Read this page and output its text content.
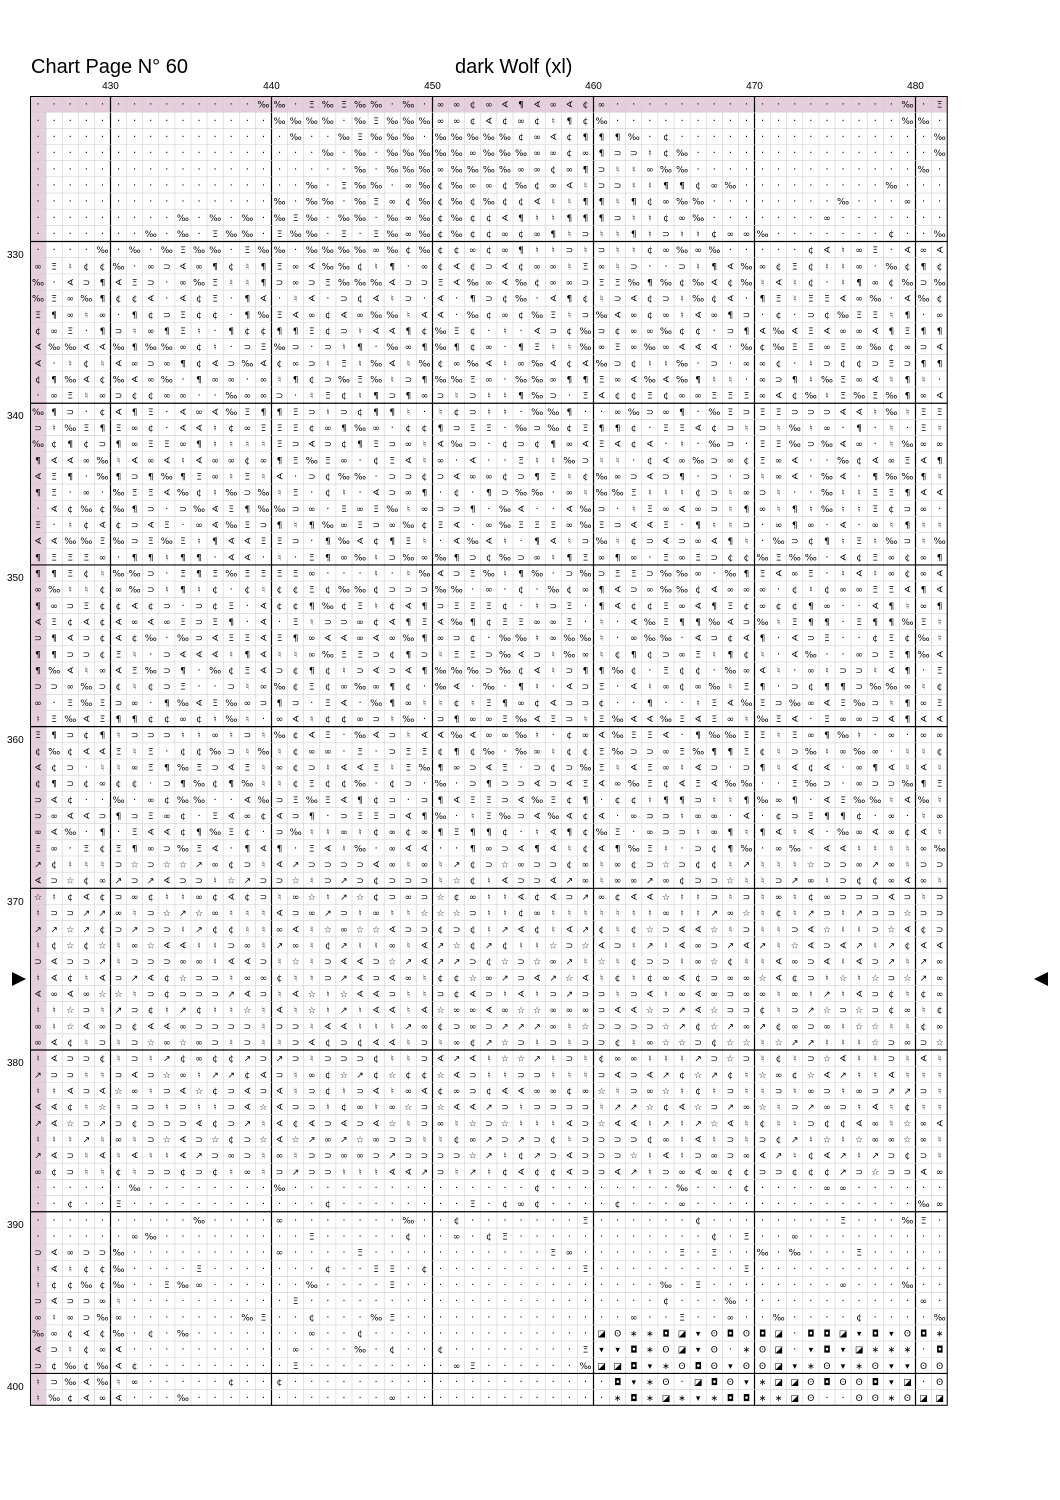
Chart Page N° 60	dark Wolf (xl)
430	440	450	460	470	480
330
340
350
360
370
380
390
400
· · · · · · · · · · · · · · ‰ ‰ · Ξ ‰ Ξ ‰ ‰ · ‰ · ∞ ∞ ¢ ∞ ∢ ¶ ∢ ∞ ∢ ¢ ∞ · · · · · · · · · · · · · · · · · · ‰ · Ξ
· · · · · · · · · · · · · · · ‰ ‰ ‰ ‰ · ‰ Ξ ‰ ‰ ‰ ∞ ∞ ¢ ∢ ¢ ∞ ¢ ♮ ¶ ¢ ‰ · · · · · · · · · · · · · · · · · · ‰ ‰ ·
· · · · · · · · · · · · · · · · ‰ · · ‰ Ξ ‰ ‰ ‰ · ‰ ‰ ‰ ‰ ‰ ¢ ∞ ∢ ¢ ¶ ¶ ¶ ‰ · ¢ · · · · · · · · · · · · · · · · ‰
· · · · · · · · · · · · · · · · · · ‰ · ‰ · ‰ ‰ ‰ ‰ ‰ ∞ ‰ ‰ ‰ ∞ ∞ ¢ ∞ ¶ ⊃ ⊃ ♮ ¢ ‰ · · · · · · · · · · · · · · · ‰
· · · · · · · · · · · · · · · · · · · · ‰ · ‰ ‰ ‰ ∞ ‰ ‰ ‰ ‰ ∞ ∞ ¢ ∞ ¶ ⊃ ♮ ♮ ∞ ‰ ‰ · · · · · · · · · · · · · · ‰ ·
· · · · · · · · · · · · · · · · · ‰ · Ξ ‰ ‰ · ∞ ‰ ¢ ‰ ∞ ∞ ¢ ‰ ¢ ∞ ∢ ♮ ⊃ ⊃ ♮ ♮ ¶ ¶ ¢ ∞ ‰ · · · · · · · · · ‰ · · ·
· · · · · · · · · · · · · · · ‰ · ‰ ‰ · ‰ Ξ ∞ ¢ ‰ ¢ ‰ ¢ ‰ ¢ ¢ ∢ ♮ ♮ ¶ ¶ ♮ ¶ ¢ ∞ ‰ ‰ · · · · · · · · ‰ · · · ∞ · ·
· · · · · · · · · ‰ · ‰ · ‰ · ‰ Ξ ‰ · ‰ ‰ · ‰ ∞ ‰ ¢ ‰ ¢ ¢ ∢ ¶ ♮ ♮ ¶ ¶ ¶ ⊃ ♮ ♮ ¢ ∞ ‰ · · · · · · · ∞ · · · · · · ·
· · · · · · · ‰ · ‰ · Ξ ‰ ‰ · Ξ ‰ ‰ · Ξ · Ξ ‰ ∞ ‰ ¢ ‰ ¢ ¢ ∞ ¢ ∞ ¶ ♮ ⊃ ♮ ♮ ¶ ♮ ⊃ ♮ ♮ ¢ ∞ ∞ ‰ · · · · · · · ¢ · · ‰
· · · · ‰ · ‰ · ‰ Ξ ‰ ‰ · Ξ ‰ ‰ · ‰ ‰ ‰ ‰ ∞ ‰ ¢ ‰ ¢ ¢ ∞ ¢ ∞ ¶ ♮ ♮ ⊃ ♮ ⊃ ♮ ♮ ¢ ∞ ‰ ∞ ‰ · · · · · ¢ ∢ ♮ ∞ Ξ · ∢ ∞ ∢
∞ Ξ ♮ ¢ ¢ ‰ · ∞ ⊃ ∢ ∞ ¶ ¢ ♮ ¶ Ξ ∞ ∢ ‰ ‰ ¢ ♮ ¶ · ∞ ¢ ∢ ¢ ⊃ ∢ ¢ ∞ ∞ ♮ Ξ ∞ ♮ ⊃ · · ⊃ ♮ ¶ ∢ ‰ ∞ ¢ Ξ ¢ ♮ ♮ ∞ · ‰ ¢ ¶ ¢
‰ · ∢ ⊃ ¶ ∢ Ξ ⊃ · ∞ ‰ Ξ ♮ ♮ ¶ ⊃ ∞ ⊃ Ξ ‰ ‰ ‰ ∢ ⊃ ⊃ Ξ ∢ ‰ ∞ ∢ ‰ ¢ ∞ ∞ ⊃ Ξ Ξ ‰ ¶ ‰ ¢ ‰ ∢ ¢ ‰ ♮ ∢ ♮ ¢ · ♮ ¶ ∞ ¢ ‰ ⊃ ‰
‰ Ξ ∞ ‰ ¶ ¢ ¢ ∢ · ∢ ¢ Ξ · ¶ ∢ · ♮ ∢ · ⊃ ¢ ∢ ♮ ⊃ · ∢ · ¶ ⊃ ¢ ‰ · ∢ ¶ ¢ ♮ ⊃ ∢ ¢ ⊃ ♮ ‰ ¢ ∢ · ¶ Ξ ♮ Ξ Ξ ∢ ∞ ‰ · ∢ ‰ ¢
Ξ ¶ ∞ ♮ ∞ · ¶ ¢ ⊃ Ξ ¢ ¢ · ¶ ‰ Ξ ∢ ∞ ¢ ∢ ∞ ‰ ‰ ♮ ∢ ∢ · ‰ ¢ ∞ ¢ ‰ Ξ ♮ ⊃ ‰ ∢ ∞ ¢ ∞ ♮ ∢ ∞ ¶ ⊃ · ¢ · ⊃ ¢ ‰ Ξ Ξ ♮ ¶ · ∞
¢ ∞ Ξ · ¶ ⊃ ♮ ∞ ¶ Ξ ♮ · ¶ ¢ ¢ ¶ ¶ Ξ ¢ ⊃ ♮ ∢ ∢ ¶ ¢ ‰ Ξ ¢ · ♮ · ∢ ⊃ ¢ ‰ ⊃ ¢ ∞ ∞ ‰ ¢ ¢ · ⊃ ¶ ∢ ‰ ∢ Ξ ∢ ∞ ∞ ∢ ¶ Ξ ¶ ¶
∢ ‰ ‰ ∢ ∢ ‰ ¶ ‰ ‰ ∞ ¢ ♮ · ⊃ Ξ ‰ ⊃ · ⊃ ♮ ¶ · ‰ ∞ ¶ ‰ ¶ ¢ ∞ · ¶ Ξ ♮ ♮ ‰ ∞ Ξ ∞ ‰ ∞ ∢ ∢ ∢ · ‰ ¢ ‰ Ξ Ξ ∞ Ξ ∞ ‰ ¢ ∞ ⊃ ∢
∢ · ♮ ¢ ♮ ∢ ∞ ⊃ ∞ ¶ ¢ ∢ ⊃ ‰ ∢ ¢ ∞ ⊃ ♮ Ξ ♮ ‰ ∢ ♮ ‰ ¢ ∞ ‰ ∢ ♮ ∞ ‰ ∢ ¢ ∢ ‰ ⊃ ¢ ♮ ♮ ‰ · ⊃ · ∞ ∞ ¢ · ♮ ⊃ ¢ ¢ ⊃ Ξ ⊃ ¶ ¶
¢ ¶ ‰ ∢ ¢ ‰ ∢ ∞ ‰ · ¶ ∞ ∞ · ∞ ♮ ¶ ¢ ⊃ ‰ Ξ ‰ ♮ ⊃ ¶ ‰ ‰ Ξ ∞ · ‰ ‰ ∞ ¶ ¶ Ξ ∞ ∢ ‰ ∢ ‰ ¶ ♮ ♮ · ∞ ⊃ ¶ ♮ ‰ Ξ ∞ ∢ ♮ ¶ ♮ ·
· ∞ Ξ ♮ ∞ ⊃ ¢ ¢ ∞ ∞ · · ‰ ∞ ∞ ⊃ · ♮ Ξ ¢ ♮ ¶ ⊃ ¶ ∞ ⊃ ♮ ⊃ ♮ ♮ ¶ ‰ ⊃ · Ξ ∢ ¢ ¢ Ξ ¢ ∞ ∞ Ξ Ξ Ξ ∞ ∢ ¢ ‰ ♮ Ξ ‰ Ξ ‰ ¶ ∞ ∢
‰ ¶ ⊃ · ¢ ∢ ¶ Ξ · ∢ ∞ ∢ ‰ Ξ ¶ ¶ Ξ ⊃ ♮ ⊃ ¢ ¶ ¶ ♮ · ♮ ¢ ⊃ ♮ ♮ · ‰ ‰ ¶ · · ∞ ‰ ⊃ ∞ ¶ · ‰ Ξ ⊃ Ξ Ξ ⊃ ⊃ ⊃ ∢ ∢ ♮ ‰ ♮ Ξ Ξ
⊃ ♮ ‰ Ξ ¶ Ξ ∞ ¢ · ∢ ∢ ♮ ¢ ∞ Ξ Ξ Ξ ¢ ∞ ¶ ‰ ∞ · ¢ ¢ ¶ ⊃ Ξ Ξ · ‰ ⊃ ‰ ¢ Ξ ¶ ¶ ¢ · Ξ Ξ ∢ ¢ ⊃ ♮ ⊃ ♮ ‰ ♮ ∞ · ¶ · ♮ · Ξ ♮
‰ ¢ ¶ ¢ ⊃ ¶ ∞ Ξ Ξ ∞ ¶ ♮ ♮ ♮ ♮ Ξ ⊃ ∢ ⊃ ¢ ¶ Ξ ⊃ ∞ ♮ ∢ ‰ ⊃ · ¢ ⊃ ¢ ¶ ∞ ∢ Ξ ∢ ¢ ∢ · ♮ · ‰ ⊃ · Ξ Ξ ‰ ⊃ ‰ ∢ ∞ · ♮ ‰ ∞ ∞
¶ ∢ ∢ ∞ ‰ ♮ ∢ ∞ ∢ ♮ ∢ ∞ ∞ ¢ ∞ ¶ Ξ ‰ Ξ ∞ · ¢ Ξ ∢ ♮ ∞ · ∢ · · Ξ ♮ ♮ ‰ ⊃ ♮ ♮ · ¢ ∢ ∞ ‰ ⊃ ∞ ¢ Ξ ∞ ∢ · · ‰ ¢ ∢ ∞ Ξ ∢ ¶
∢ Ξ ¶ · ‰ ¶ ⊃ ¶ ‰ ¶ Ξ ∞ ♮ Ξ ♮ ∢ · ⊃ ¢ ‰ ‰ · ⊃ ⊃ ¢ ⊃ ∢ ∞ ∞ ¢ ⊃ ¶ Ξ ♮ ¢ ‰ ∞ ⊃ ∢ ⊃ ¶ · ⊃ · ⊃ ♮ ∞ ∢ · ‰ ∢ · ¶ ‰ ‰ ¶ ♮
¶ Ξ · ∞ · ‰ Ξ Ξ ∢ ‰ ¢ ♮ ‰ ⊃ ‰ ♮ Ξ · ¢ ♮ · ∢ ⊃ ∞ ¶ · ¢ · ¶ ⊃ ‰ ‰ · ∞ ♮ ‰ ‰ Ξ ♮ ♮ ♮ ¢ ⊃ ♮ ∞ ⊃ ♮ · · ‰ ♮ ♮ Ξ Ξ ¶ ∢ ∢
· ∢ ¢ ‰ ¢ ‰ ¶ ⊃ · ⊃ ‰ ∢ Ξ ¶ ‰ ‰ ⊃ ∞ · Ξ ∞ Ξ ‰ ♮ ∞ ⊃ ⊃ ¶ · ‰ ∢ · · ∢ ‰ ⊃ · ♮ Ξ ∞ ∢ ∞ ⊃ ♮ ¶ ∞ ♮ ¶ ♮ ‰ ♮ ♮ Ξ ¢ ⊃ ∞ ·
Ξ · ♮ ¢ ∢ ¢ ⊃ ∢ Ξ · ∞ ∢ ‰ Ξ ⊃ ¶ ♮ ¶ ‰ ∞ Ξ ⊃ ∞ ‰ ¢ Ξ ∢ · ∞ ‰ Ξ Ξ Ξ ∞ ‰ Ξ ⊃ ∢ ∢ Ξ · ¶ ♮ ♮ ⊃ · ∞ ¶ ∞ · ∢ · ∞ ♮ ¶ ♮ ♮
∢ ∢ ‰ ‰ Ξ ‰ ⊃ Ξ ‰ Ξ ♮ ¶ ∢ ∢ Ξ Ξ ⊃ · ¶ ‰ ∢ ¢ ¶ Ξ ♮ · ∢ ‰ ∢ ♮ · ¶ ∢ ♮ ⊃ ‰ ♮ ¢ ⊃ ∢ ⊃ ∞ ∢ ¶ ♮ · ‰ ⊃ ¢ ¶ ♮ Ξ ♮ ‰ ⊃ ♮ ‰
¶ Ξ Ξ Ξ ∞ · ¶ ¶ ♮ ¶ ¶ · ∢ ∢ · ♮ · Ξ ¶ ∞ ‰ ♮ ⊃ ‰ ∞ ‰ ¶ ⊃ ¢ ‰ ⊃ ∞ ♮ ¶ Ξ ∞ ¶ ∞ · Ξ ∞ Ξ ⊃ ¢ ¢ ‰ Ξ ‰ ‰ · ∢ ¢ Ξ ∞ ¢ ∞ ¶
¶ ¶ Ξ ¢ ♮ ‰ ‰ ⊃ · Ξ ¶ Ξ ‰ Ξ Ξ Ξ Ξ ∞ · · · ♮ · ♮ ‰ ∢ ⊃ Ξ ‰ ♮ ¶ ‰ · ⊃ ‰ ⊃ Ξ Ξ ⊃ ‰ ‰ ∞ · ‰ ¶ Ξ ∢ ∞ Ξ · ♮ ∢ ♮ ∞ ¢ ∞ ∢
∞ ‰ ♮ ♮ ¢ ∞ ‰ ⊃ ♮ ¶ ♮ ¢ · ¢ ♮ ¢ ¢ Ξ ¢ ‰ ‰ ¢ ⊃ ⊃ ⊃ ‰ ‰ · ∞ · ¢ · ‰ ¢ ∞ ¶ ∢ ⊃ ∞ ‰ ‰ ¢ ∢ ∞ ∞ ∞ · ¢ ♮ ¢ ∞ ∞ Ξ Ξ ∢ ¶ ∢
¶ ∞ ⊃ Ξ ¢ ¢ ∢ ¢ ⊃ · ⊃ ¢ Ξ · ∢ ¢ ¢ ¶ ‰ ¢ Ξ ♮ ¢ ∢ ¶ ⊃ Ξ Ξ Ξ ¢ · ♮ ⊃ Ξ · ¶ ∢ ¢ ¢ Ξ ∞ ∢ ¶ Ξ ¢ ∞ ¢ ¢ ¶ ∞ · · ∢ ¶ ♮ ∞ ¶
∢ Ξ ¢ ∢ ¢ ∢ ∞ ∢ ∞ Ξ ⊃ Ξ ¶ · ∢ · Ξ ♮ ⊃ ⊃ ∞ ¢ ∢ ¶ Ξ ∢ ‰ ¶ ¢ Ξ Ξ ∞ ∞ Ξ · ♮ · ∢ ‰ Ξ ¶ ¶ ‰ ∢ ⊃ ‰ ♮ Ξ ¶ ¶ · Ξ ¶ ¶ ‰ Ξ ♮
⊃ ¶ ∢ ⊃ ¢ ∢ ¢ ‰ · ‰ ⊃ ∢ Ξ Ξ ∢ Ξ ¶ ∞ ∢ ∢ ∞ ∢ ∞ ‰ ¶ ∞ ⊃ ¢ · ‰ ‰ ♮ ∞ ‰ ‰ ♮ · ∞ ‰ ‰ · ∢ ⊃ ¢ ∢ ¶ · ∢ ⊃ Ξ · · ¢ Ξ ¢ ‰ ♮
¶ ¶ ⊃ ⊃ ¢ Ξ ♮ · ⊃ ∢ ∢ ∢ ♮ ¶ ∢ ♮ ♮ ∞ ‰ Ξ Ξ ⊃ ¢ ¶ ⊃ ♮ Ξ Ξ ⊃ ‰ ∢ ⊃ ♮ ‰ ∞ ♮ ¢ ¶ ¢ ⊃ ∞ Ξ ♮ ¶ ¢ ♮ · ∢ ‰ · · ∞ ⊃ Ξ ¶ ‰ ∢
¶ ‰ ∢ ♮ ∞ ∢ Ξ ‰ ⊃ ¶ · ‰ ¢ Ξ ∢ ⊃ ¢ ¶ ¢ ♮ ⊃ ∢ ⊃ ∢ ¶ ‰ ‰ ‰ ⊃ ‰ ¢ ∢ ♮ ⊃ ¶ ¶ ‰ ¢ · Ξ ¢ ¢ · ‰ ∞ ∢ ♮ · ∞ ♮ ⊃ ⊃ ♮ ∢ ¶ · Ξ
⊃ ⊃ ∞ ‰ ⊃ ¢ ♮ ¢ ⊃ Ξ · · ⊃ ♮ ∞ ‰ ¢ Ξ ¢ ∞ ‰ ∞ ¶ ¢ · ‰ ∢ · ‰ · ¶ ♮ · ∢ ⊃ Ξ · ∢ ♮ ∞ ¢ ∞ ‰ ♮ Ξ ¶ · ⊃ ¢ ¶ ¶ ⊃ ‰ ‰ ∞ ♮ ¢
∞ · Ξ ‰ Ξ ⊃ ∞ · ¶ ‰ ∢ Ξ ‰ ∞ ⊃ ¶ ⊃ · Ξ ∢ · ‰ ¶ ∞ ♮ ♮ ¢ ♮ Ξ ¶ ∞ ¢ ∢ ⊃ ⊃ ¢ · · ¶ · · ♮ Ξ ∢ ‰ Ξ ⊃ ‰ ∞ ∢ Ξ ‰ ⊃ ♮ ¶ ∞ Ξ
♮ Ξ ‰ ∢ Ξ ¶ ¶ ¢ ¢ ∞ ¢ ♮ ‰ ♮ · ∞ ∢ ♮ ¢ ¢ ∞ ⊃ ♮ ‰ · ⊃ ¶ ∞ ∞ Ξ ‰ ∢ Ξ ⊃ ♮ Ξ ‰ ∢ ∢ ‰ Ξ ∢ Ξ ∞ ♮ ‰ Ξ ∢ · Ξ ∞ ∞ ⊃ ∢ ¶ ∢ ∢
Ξ ¶ ⊃ ¢ ¶ ♮ ⊃ ⊃ ⊃ ♮ ♮ ∞ ♮ ⊃ ♮ ‰ ¢ ∢ Ξ · ‰ ∢ ⊃ ♮ ∢ ∢ ‰ ∢ ∞ ∞ ‰ ♮ · ¢ ∞ ∢ ‰ Ξ Ξ ∢ · ¶ ‰ ‰ Ξ Ξ ♮ Ξ ∞ ¶ ‰ ♮ · ∞ · ∞ ∞
¢ ‰ ¢ ∢ ∢ Ξ ♮ Ξ · ¢ ¢ ‰ ⊃ ♮ ‰ ♮ ¢ ∞ ∞ · Ξ · ⊃ Ξ Ξ ¢ ¶ ¢ ‰ · ‰ ∞ ♮ ¢ ¢ Ξ ‰ ⊃ ⊃ ∞ Ξ ‰ ¶ ¶ Ξ ¢ ♮ ⊃ ‰ ♮ ∞ ‰ ∞ · ♮ ♮ ¢
∢ ¢ ⊃ · ♮ ♮ ∞ Ξ ¶ ‰ Ξ ⊃ ∢ Ξ ♮ ∞ ¢ ⊃ ♮ ∢ ∢ Ξ ♮ Ξ ‰ ¶ ∞ ⊃ ∢ Ξ · ⊃ ¢ ⊃ ‰ Ξ ♮ ∢ Ξ ∞ ♮ ∢ ⊃ · ⊃ ¶ ♮ ∢ ¢ ∢ · ∞ ¶ ∢ ♮ ∢ ♮
¢ ¶ ⊃ ¢ ∞ ¢ ¢ · ⊃ ¶ ‰ ¢ ¶ ‰ ♮ ♮ ¢ Ξ ¢ ¢ ‰ · ¢ ⊃ · ‰ · ⊃ ¶ ⊃ ⊃ ∢ ⊃ ∢ Ξ ∢ ∞ ‰ Ξ ¢ ∢ Ξ ∢ ‰ ‰ · · Ξ ‰ ⊃ · ∞ ⊃ ⊃ ‰ ¶ Ξ
⊃ ∢ ¢ · · ‰ · ∞ ¢ ‰ ‰ · · ∢ ‰ ⊃ Ξ ‰ Ξ ∢ ¶ ¢ ⊃ · ⊃ ¶ ∢ Ξ Ξ ⊃ ∢ ‰ Ξ ¢ ¶ · ¢ ¢ ♮ ¶ ¶ ⊃ ♮ ♮ ¶ ‰ ∞ ¶ · ∢ Ξ ‰ ‰ ♮ ∢ ‰ ♮
⊃ ∞ ∢ ∢ ⊃ ¶ ⊃ Ξ ∞ ¢ · Ξ ∢ ∞ ¢ ∢ ⊃ ¶ · ⊃ Ξ Ξ ⊃ ∢ ¶ ‰ · ♮ Ξ ‰ ⊃ ∢ ‰ ∢ ¢ ∢ · ∞ ⊃ ⊃ ♮ ∞ ∞ · ∢ · ¢ ⊃ Ξ ¶ ¶ ¢ · ∞ · ♮ ∞
∞ ∢ ‰ · ¶ · Ξ ∢ ∢ ¢ ¶ ‰ Ξ ¢ · ⊃ ‰ ♮ ♮ ∞ ♮ ¢ ∞ ¢ ∞ ¶ Ξ ¶ ¶ ¢ · ♮ ∢ ¶ ¢ ‰ Ξ · ∞ ⊃ ⊃ ♮ ∞ ¶ ♮ ¶ ∢ ♮ ∢ · ‰ ∞ ∢ ∞ ¢ ∢ ♮
Ξ ∞ · Ξ ¢ Ξ ¶ ∞ ⊃ ‰ Ξ ∢ · ¶ ∢ ¶ · Ξ ∢ ♮ ‰ · ∞ ∢ ∢ · · ¶ ∞ ⊃ ∢ ¶ ∢ ♮ ¢ ∢ ¶ ‰ Ξ ♮ · ⊃ ¢ ¶ ‰ · ∞ ‰ · ∢ ∢ ♮ ♮ ♮ ♮ ∞ ‰
↗ ¢ ♮ ♮ ♮ ⊃ ☆ ⊃ ☆ ☆ ↗ ∞ ¢ ⊃ ♮ ∢ ↗ ⊃ ⊃ ⊃ ⊃ ∢ ∞ ♮ ∞ ♮ ↗ ¢ ⊃ ☆ ∞ ⊃ ⊃ ¢ ∞ ♮ ∞ ¢ ⊃ ☆ ⊃ ¢ ¢ ♮ ↗ ♮ ♮ ♮ ☆ ⊃ ⊃ ∞ ↗ ∞ ♮ ⊃ ⊃
∢ ⊃ ☆ ¢ ∞ ↗ ⊃ ↗ ∢ ⊃ ⊃ ♮ ☆ ↗ ⊃ ⊃ ☆ ♮ ⊃ ↗ ⊃ ¢ ⊃ ⊃ ⊃ ♮ ☆ ¢ ♮ ∢ ⊃ ⊃ ∢ ↗ ∞ ♮ ∞ ∞ ↗ ∞ ¢ ⊃ ⊃ ☆ ♮ ♮ ⊃ ↗ ∞ ♮ ⊃ ¢ ¢ ∞ ∢ ∞ ♮
☆ ♮ ¢ ∢ ¢ ⊃ ∞ ¢ ♮ ♮ ∞ ¢ ∢ ¢ ⊃ ♮ ∞ ☆ ♮ ↗ ☆ ¢ ⊃ ∞ ⊃ ☆ ¢ ∞ ♮ ♮ ∢ ¢ ∢ ⊃ ↗ ∞ ¢ ∢ ∢ ☆ ♮ ♮ ⊃ ♮ ⊃ ♮ ∞ ♮ ¢ ∞ ⊃ ⊃ ⊃ ∢ ⊃ ♮ ⊃
♮ ⊃ ⊃ ↗ ↗ ∞ ♮ ⊃ ☆ ↗ ☆ ∞ ♮ ♮ ♮ ∢ ⊃ ∞ ↗ ⊃ ♮ ∞ ♮ ♮ ☆ ☆ ☆ ⊃ ♮ ♮ ¢ ∞ ♮ ♮ ♮ ♮ ♮ ♮ ♮ ∞ ♮ ♮ ↗ ∞ ☆ ♮ ¢ ♮ ↗ ⊃ ♮ ↗ ⊃ ⊃ ☆ ⊃ ⊃
↗ ↗ ☆ ↗ ¢ ⊃ ↗ ⊃ ⊃ ♮ ↗ ¢ ¢ ♮ ♮ ∞ ∢ ♮ ☆ ∞ ☆ ☆ ∢ ⊃ ⊃ ¢ ⊃ ¢ ♮ ↗ ∢ ¢ ♮ ∢ ↗ ¢ ♮ ¢ ☆ ⊃ ∢ ∢ ☆ ♮ ⊃ ♮ ♮ ⊃ ∢ ☆ ♮ ♮ ⊃ ☆ ∢ ¢ ⊃
♮ ¢ ☆ ¢ ☆ ♮ ∞ ☆ ∢ ∢ ♮ ♮ ⊃ ∞ ♮ ↗ ∞ ♮ ¢ ↗ ♮ ♮ ∞ ♮ ∢ ↗ ☆ ¢ ↗ ¢ ♮ ♮ ☆ ⊃ ☆ ∢ ⊃ ♮ ↗ ♮ ∢ ∞ ⊃ ↗ ∢ ↗ ♮ ☆ ∢ ⊃ ∢ ↗ ♮ ↗ ¢ ∢ ∢
⊃ ∢ ⊃ ⊃ ↗ ♮ ⊃ ⊃ ⊃ ∞ ∞ ♮ ∢ ∢ ⊃ ♮ ☆ ♮ ⊃ ∢ ∢ ⊃ ☆ ↗ ∢ ↗ ↗ ⊃ ¢ ☆ ⊃ ☆ ∞ ↗ ♮ ☆ ♮ ¢ ⊃ ⊃ ♮ ∞ ☆ ¢ ♮ ♮ ∢ ∞ ⊃ ∢ ♮ ∢ ⊃ ↗ ♮ ↗ ∞
♮ ∢ ¢ ♮ ∢ ⊃ ↗ ∢ ¢ ☆ ⊃ ⊃ ♮ ∞ ∞ ¢ ♮ ♮ ⊃ ↗ ∢ ⊃ ∢ ∞ ♮ ¢ ¢ ☆ ∞ ↗ ⊃ ∢ ↗ ☆ ∢ ♮ ¢ ♮ ¢ ∞ ∢ ¢ ⊃ ∞ ∞ ☆ ∢ ¢ ⊃ ♮ ☆ ♮ ☆ ⊃ ☆ ↗ ∞
∢ ∞ ∢ ∞ ☆ ☆ ♮ ⊃ ¢ ⊃ ⊃ ⊃ ↗ ∢ ⊃ ♮ ∢ ☆ ♮ ☆ ∢ ∢ ⊃ ♮ ♮ ⊃ ¢ ∢ ⊃ ♮ ∢ ♮ ⊃ ↗ ⊃ ⊃ ♮ ⊃ ∢ ♮ ∞ ∢ ∞ ⊃ ∞ ∞ ♮ ∞ ♮ ↗ ♮ ∢ ⊃ ¢ ♮ ¢ ∞
♮ ♮ ☆ ⊃ ♮ ↗ ⊃ ¢ ♮ ↗ ¢ ♮ ♮ ☆ ♮ ∢ ♮ ☆ ♮ ↗ ♮ ∢ ∢ ♮ ∢ ☆ ∞ ∞ ∢ ∞ ☆ ☆ ∞ ∞ ∞ ⊃ ∢ ∢ ☆ ⊃ ↗ ∢ ☆ ⊃ ⊃ ¢ ♮ ⊃ ↗ ☆ ⊃ ☆ ⊃ ¢ ∞ ♮ ¢
∞ ♮ ☆ ∢ ∞ ⊃ ¢ ∢ ∢ ∞ ⊃ ⊃ ⊃ ⊃ ♮ ⊃ ⊃ ♮ ∢ ∢ ♮ ♮ ♮ ↗ ∞ ¢ ⊃ ∞ ⊃ ↗ ↗ ↗ ∞ ♮ ☆ ⊃ ⊃ ⊃ ⊃ ☆ ↗ ¢ ☆ ↗ ∞ ↗ ¢ ∞ ⊃ ∞ ♮ ☆ ☆ ♮ ♮ ¢ ∞
∞ ∢ ¢ ♮ ⊃ ♮ ⊃ ☆ ∞ ☆ ∞ ⊃ ♮ ⊃ ♮ ♮ ⊃ ∢ ¢ ⊃ ¢ ∢ ∢ ♮ ⊃ ♮ ∞ ¢ ↗ ☆ ⊃ ♮ ⊃ ♮ ⊃ ⊃ ¢ ♮ ∞ ☆ ☆ ⊃ ¢ ☆ ☆ ♮ ☆ ↗ ↗ ♮ ♮ ♮ ☆ ⊃ ∞ ⊃ ☆
♮ ∢ ⊃ ⊃ ¢ ♮ ⊃ ♮ ↗ ¢ ∞ ¢ ¢ ↗ ⊃ ↗ ⊃ ♮ ⊃ ⊃ ⊃ ¢ ♮ ♮ ⊃ ∢ ↗ ∢ ♮ ☆ ☆ ↗ ♮ ⊃ ♮ ¢ ∞ ∞ ♮ ♮ ♮ ↗ ⊃ ☆ ⊃ ♮ ¢ ♮ ⊃ ☆ ∢ ♮ ♮ ⊃ ♮ ∢ ♮
↗ ⊃ ⊃ ♮ ♮ ⊃ ∢ ⊃ ☆ ∞ ♮ ↗ ↗ ¢ ∢ ⊃ ♮ ∞ ¢ ☆ ↗ ¢ ☆ ¢ ¢ ☆ ∢ ⊃ ♮ ♮ ⊃ ⊃ ♮ ♮ ♮ ⊃ ∢ ⊃ ∢ ↗ ¢ ☆ ↗ ¢ ♮ ☆ ∞ ¢ ☆ ∢ ↗ ♮ ♮ ∢ ♮ ♮ ♮
♮ ♮ ∢ ⊃ ∢ ☆ ∞ ♮ ⊃ ∢ ☆ ¢ ⊃ ∢ ⊃ ∢ ♮ ⊃ ¢ ♮ ⊃ ∢ ♮ ∞ ∢ ¢ ∞ ⊃ ¢ ∢ ∢ ∞ ∞ ¢ ∞ ☆ ♮ ⊃ ∞ ☆ ♮ ¢ ♮ ⊃ ♮ ♮ ⊃ ♮ ∞ ⊃ ♮ ∞ ⊃ ↗ ↗ ⊃ ♮
∢ ∢ ¢ ♮ ☆ ♮ ⊃ ⊃ ♮ ⊃ ♮ ♮ ⊃ ∢ ☆ ∢ ⊃ ⊃ ♮ ¢ ∞ ♮ ∞ ☆ ⊃ ☆ ∢ ∢ ↗ ⊃ ♮ ⊃ ⊃ ⊃ ⊃ ♮ ↗ ↗ ☆ ¢ ∢ ☆ ⊃ ↗ ∞ ☆ ♮ ⊃ ↗ ∞ ⊃ ♮ ∢ ♮ ¢ ♮ ♮
↗ ∢ ☆ ⊃ ↗ ⊃ ¢ ⊃ ⊃ ⊃ ∢ ¢ ⊃ ↗ ♮ ∢ ¢ ∢ ⊃ ∢ ⊃ ∢ ☆ ♮ ⊃ ∞ ♮ ☆ ⊃ ☆ ♮ ♮ ♮ ∢ ⊃ ☆ ∢ ∢ ♮ ↗ ♮ ↗ ☆ ∢ ♮ ¢ ♮ ♮ ⊃ ¢ ¢ ∢ ∞ ♮ ☆ ∞ ∢
♮ ♮ ♮ ↗ ♮ ∞ ♮ ⊃ ☆ ∢ ⊃ ☆ ¢ ⊃ ☆ ∢ ☆ ↗ ∞ ↗ ☆ ∞ ⊃ ⊃ ♮ ♮ ¢ ∞ ↗ ⊃ ↗ ⊃ ¢ ♮ ⊃ ⊃ ⊃ ⊃ ¢ ∞ ♮ ∢ ♮ ⊃ ♮ ⊃ ¢ ↗ ♮ ☆ ♮ ☆ ∞ ∞ ☆ ∞ ♮
↗ ∢ ⊃ ♮ ∢ ♮ ∢ ♮ ♮ ∢ ↗ ⊃ ∞ ⊃ ♮ ∞ ♮ ⊃ ⊃ ∞ ∞ ⊃ ↗ ⊃ ⊃ ⊃ ⊃ ☆ ↗ ♮ ¢ ↗ ⊃ ∢ ⊃ ⊃ ⊃ ☆ ♮ ∢ ♮ ⊃ ∞ ⊃ ∞ ∢ ↗ ♮ ¢ ∢ ↗ ♮ ↗ ⊃ ¢ ⊃ ♮
∞ ¢ ⊃ ♮ ♮ ¢ ♮ ⊃ ⊃ ¢ ⊃ ¢ ♮ ∞ ♮ ⊃ ↗ ⊃ ⊃ ♮ ♮ ♮ ∢ ∢ ↗ ⊃ ♮ ↗ ♮ ¢ ∢ ¢ ¢ ∢ ⊃ ⊃ ∢ ↗ ♮ ⊃ ∞ ∢ ∞ ¢ ¢ ⊃ ⊃ ¢ ¢ ¢ ↗ ⊃ ☆ ⊃ ⊃ ∢ ∞
· · · · · · ‰ · · · · · · · · ‰ · · · · · · · · · · · · · · · ¢ · · · · · · · · ‰ · · · ¢ · · · · ∞ ∞ · · · · · ·
· · ¢ · · Ξ · · · · · · · · · · · · ¢ · · · · · · · · Ξ · ¢ ∞ ¢ · · · · ¢ · · · ∞ · · · · · · · · · · · · · · ‰ ∞
· · · · · · · · · · ‰ · · · · ∞ · · · · · · · ‰ · · ¢ · · · · · · · Ξ · · · · · · ¢ · · · · · · · · Ξ · · · ‰ Ξ ·
· · · · · · ∞ ‰ · · · · · · · · · Ξ · · · · · ¢ · · ∞ · ¢ Ξ · · · · · · · · · · · · ¢ · Ξ · · ∞ · · · · · · · · ·
⊃ ∢ ∞ ⊃ ⊃ ‰ · · · · · · · · · ∞ · · · · Ξ · · · · · · · · · · · Ξ ∞ · · · · · · Ξ · Ξ · · ‰ · ‰ · · · Ξ · · · · ·
♮ ∢ ♮ ¢ ¢ ‰ · · · · Ξ · · · · · · · ¢ · · Ξ Ξ · ¢ · · · · · · · · · Ξ · · · · · · · · · Ξ · · · · · · · · · · · ·
♮ ¢ ¢ ‰ ¢ ‰ · · Ξ ‰ ∞ · · · · · · ‰ · · · · Ξ · · · · · · · · · · · · · · · · ‰ · Ξ · · · · · · · · ∞ · · · ‰ · ·
⊃ ∢ ⊃ ⊃ ∞ ♮ · · · · · · · · · · Ξ · · · · · · · · · · · · · · · · · · · · · · ¢ · · · ‰ · · · · · · · · · · · ∞ ·
∞ ♮ ∞ ⊃ ‰ ∞ · · · · · · · ‰ Ξ · · ¢ · · · ‰ Ξ · · · · · · · · · · · · · · ∞ · · Ξ · · ∞ · · ‰ · · · · ¢ · · · · ‰
‰ ∞ ¢ ∢ ¢ ‰ · ¢ · ‰ · · · · · · · ∞ · · ¢ · · · · · · · · · · · · · · ◪ ʘ ∗ ∗ ◘ ◪ ▾ ʘ ◘ ʘ ◘ ◪ · ◘ ◘ ◪ ▾ ◘ ▾ ʘ ◘ ∗
∢ ⊃ ♮ ¢ ∞ ∢ · · · · · · · · · · ∞ · · · ‰ · ¢ · · ¢ · · · · · · · · Ξ ▾ ▾ ◘ ∗ ʘ ◪ ▾ ʘ · ∗ ʘ ◪ · ▾ ◘ ▾ ◪ ∗ ∗ ∗ · ◘
⊃ ¢ ‰ ¢ ‰ ∢ ¢ · · · · · · · · · Ξ · · · · · · · · · ∞ Ξ · · · · · · ‰ ◪ ◪ ◘ ▾ ∗ ʘ ◘ ʘ ▾ ʘ ʘ ◪ ▾ ∗ ʘ ▾ ∗ ʘ ▾ ▾ ʘ ʘ
♮ ⊃ ‰ ∢ ‰ ♮ ∞ · · · · · ¢ · · ¢ · · · · · · · · · · · · · · · · · · · · ◘ ▾ ∗ ʘ · ◪ ◘ ʘ ▾ ∗ ◪ ◪ ʘ ◘ ʘ ʘ ◘ ▾ ◪ · ʘ
♮ ‰ ¢ ∢ ∞ ∢ · · · ‰ · · · · · · · · · · · · ∞ · · · · · · · · · · · · · ∗ ◘ ∗ ◪ ∗ ▾ ∗ ◘ ◘ ∗ ∗ ◪ ʘ · · ʘ ʘ ∗ ʘ ◪ ◪
